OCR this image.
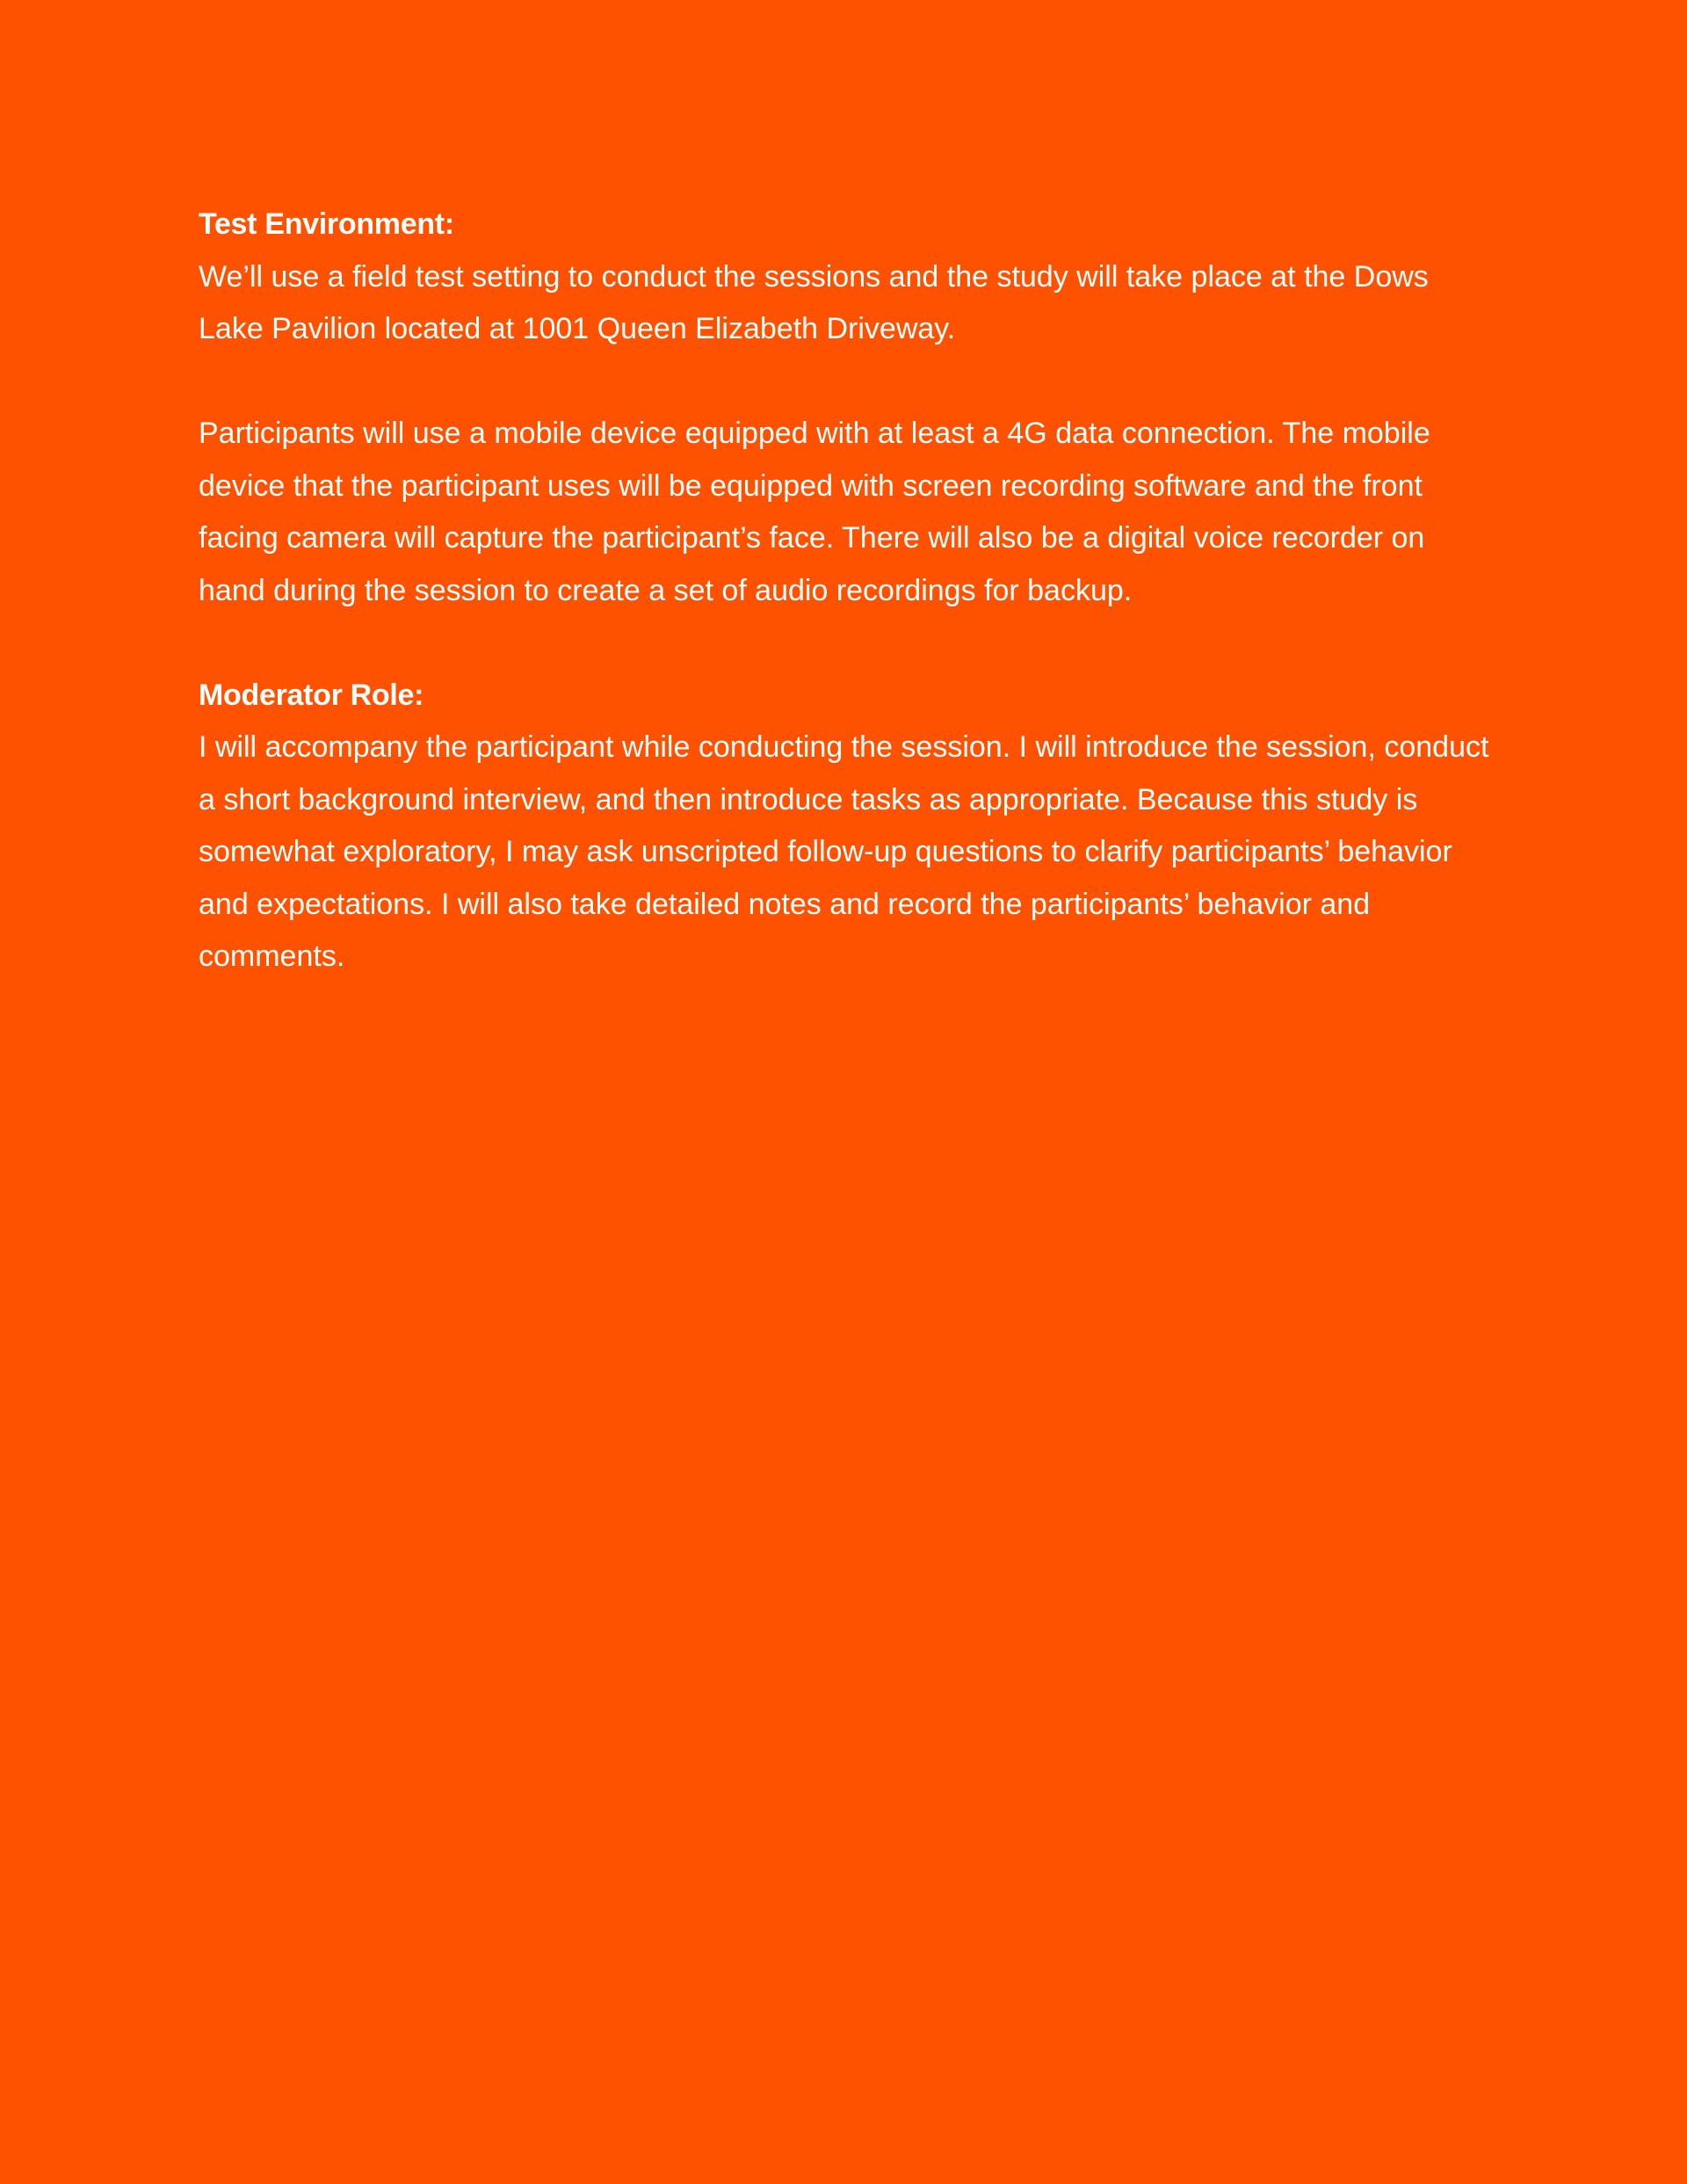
Test Environment:

We’ll use a field test setting to conduct the sessions and the study will take place at the Dows Lake Pavilion located at 1001 Queen Elizabeth Driveway.

Participants will use a mobile device equipped with at least a 4G data connection. The mobile device that the participant uses will be equipped with screen recording software and the front facing camera will capture the participant’s face. There will also be a digital voice recorder on hand during the session to create a set of audio recordings for backup.

Moderator Role:

I will accompany the participant while conducting the session. I will introduce the session, conduct a short background interview, and then introduce tasks as appropriate. Because this study is somewhat exploratory, I may ask unscripted follow-up questions to clarify participants’ behavior and expectations. I will also take detailed notes and record the participants’ behavior and comments.
